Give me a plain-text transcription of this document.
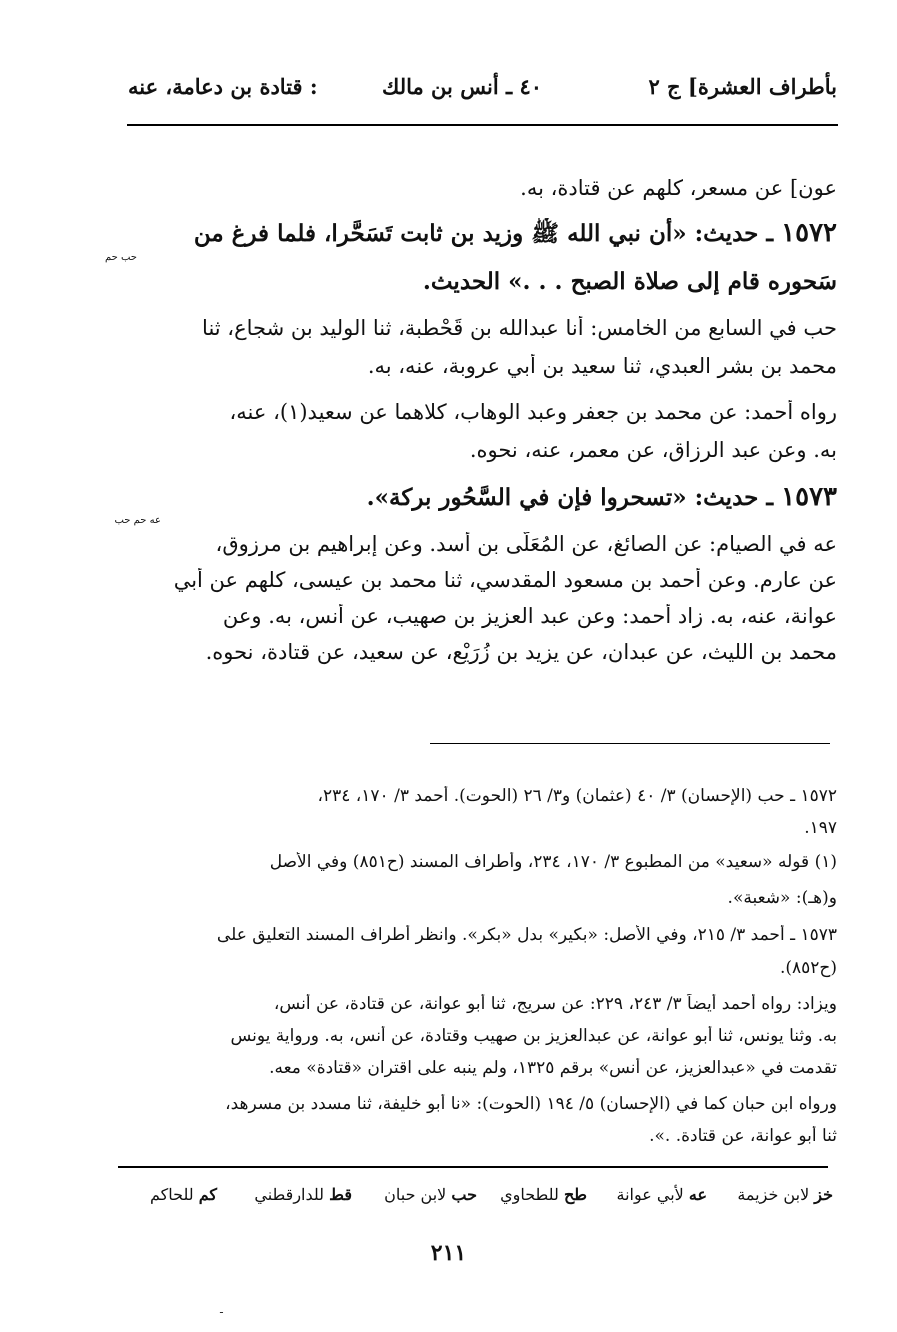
بأطراف العشرة] ج ٢
٤٠ ـ أنس بن مالك
: قتادة بن دعامة، عنه
عون] عن مسعر، كلهم عن قتادة، به.
١٥٧٢ ـ حديث: «أن نبي الله ﷺ وزيد بن ثابت تَسَحَّرا، فلما فرغ من
حب حم
سَحوره قام إلى صلاة الصبح . . .» الحديث.
حب في السابع من الخامس: أنا عبدالله بن قَحْطبة، ثنا الوليد بن شجاع، ثنا
محمد بن بشر العبدي، ثنا سعيد بن أبي عروبة، عنه، به.
رواه أحمد: عن محمد بن جعفر وعبد الوهاب، كلاهما عن سعيد(١)، عنه،
به. وعن عبد الرزاق، عن معمر، عنه، نحوه.
١٥٧٣ ـ حديث: «تسحروا فإن في السَّحُور بركة».
عه حم حب
عه في الصيام: عن الصائغ، عن المُعَلَّى بن أسد. وعن إبراهيم بن مرزوق،
عن عارم. وعن أحمد بن مسعود المقدسي، ثنا محمد بن عيسى، كلهم عن أبي
عوانة، عنه، به. زاد أحمد: وعن عبد العزيز بن صهيب، عن أنس، به. وعن
محمد بن الليث، عن عبدان، عن يزيد بن زُرَيْع، عن سعيد، عن قتادة، نحوه.
١٥٧٢ ـ حب (الإحسان) ٣/ ٤٠ (عثمان) و٣/ ٢٦ (الحوت). أحمد ٣/ ١٧٠، ٢٣٤،
١٩٧.
(١) قوله «سعيد» من المطبوع ٣/ ١٧٠، ٢٣٤، وأطراف المسند (ح٨٥١) وفي الأصل
و(هـ): «شعبة».
١٥٧٣ ـ أحمد ٣/ ٢١٥، وفي الأصل: «بكير» بدل «بكر». وانظر أطراف المسند التعليق على
(ح٨٥٢).
ويزاد: رواه أحمد أيضاً ٣/ ٢٤٣، ٢٢٩: عن سريج، ثنا أبو عوانة، عن قتادة، عن أنس،
به. وثنا يونس، ثنا أبو عوانة، عن عبدالعزيز بن صهيب وقتادة، عن أنس، به. ورواية يونس
تقدمت في «عبدالعزيز، عن أنس» برقم ١٣٢٥، ولم ينبه على اقتران «قتادة» معه.
ورواه ابن حبان كما في (الإحسان) ٥/ ١٩٤ (الحوت): «نا أبو خليفة، ثنا مسدد بن مسرهد،
ثنا أبو عوانة، عن قتادة. .».
خز لابن خزيمة
عه لأبي عوانة
طح للطحاوي
حب لابن حبان
قط للدارقطني
كم للحاكم
٢١١
ـ
